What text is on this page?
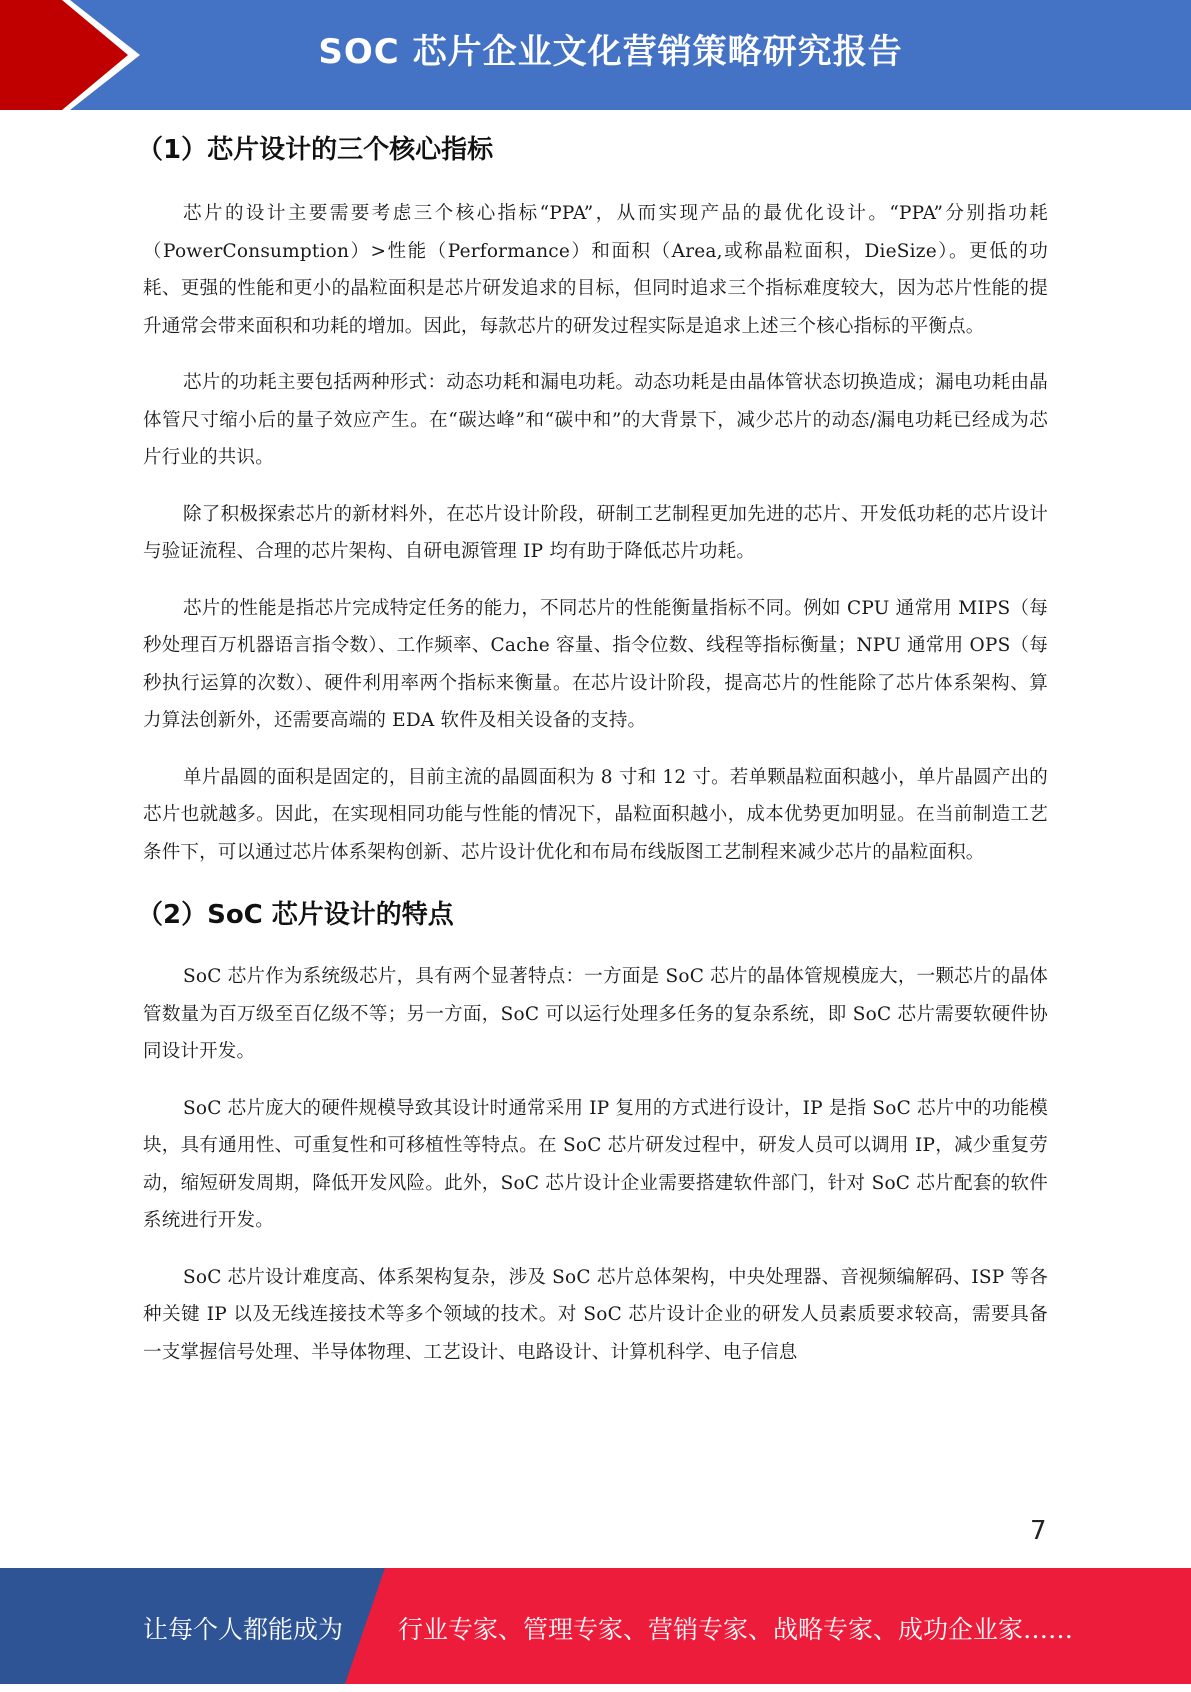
SOC 芯片企业文化营销策略研究报告
（1）芯片设计的三个核心指标

芯片的设计主要需要考虑三个核心指标“PPA”，从而实现产品的最优化设计。“PPA”分别指功耗（PowerConsumption）>性能（Performance）和面积（Area,或称晶粒面积，DieSize）。更低的功耗、更强的性能和更小的晶粒面积是芯片研发追求的目标，但同时追求三个指标难度较大，因为芯片性能的提升通常会带来面积和功耗的增加。因此，每款芯片的研发过程实际是追求上述三个核心指标的平衡点。

芯片的功耗主要包括两种形式：动态功耗和漏电功耗。动态功耗是由晶体管状态切换造成；漏电功耗由晶体管尺寸缩小后的量子效应产生。在“碳达峰”和“碳中和”的大背景下，减少芯片的动态/漏电功耗已经成为芯片行业的共识。

除了积极探索芯片的新材料外，在芯片设计阶段，研制工艺制程更加先进的芯片、开发低功耗的芯片设计与验证流程、合理的芯片架构、自研电源管理 IP 均有助于降低芯片功耗。

芯片的性能是指芯片完成特定任务的能力，不同芯片的性能衡量指标不同。例如 CPU 通常用 MIPS（每秒处理百万机器语言指令数）、工作频率、Cache 容量、指令位数、线程等指标衡量；NPU 通常用 OPS（每秒执行运算的次数）、硬件利用率两个指标来衡量。在芯片设计阶段，提高芯片的性能除了芯片体系架构、算力算法创新外，还需要高端的 EDA 软件及相关设备的支持。

单片晶圆的面积是固定的，目前主流的晶圆面积为 8 寸和 12 寸。若单颗晶粒面积越小，单片晶圆产出的芯片也就越多。因此，在实现相同功能与性能的情况下，晶粒面积越小，成本优势更加明显。在当前制造工艺条件下，可以通过芯片体系架构创新、芯片设计优化和布局布线版图工艺制程来减少芯片的晶粒面积。

（2）SoC 芯片设计的特点

SoC 芯片作为系统级芯片，具有两个显著特点：一方面是 SoC 芯片的晶体管规模庞大，一颗芯片的晶体管数量为百万级至百亿级不等；另一方面，SoC 可以运行处理多任务的复杂系统，即 SoC 芯片需要软硬件协同设计开发。

SoC 芯片庞大的硬件规模导致其设计时通常采用 IP 复用的方式进行设计，IP 是指 SoC 芯片中的功能模块，具有通用性、可重复性和可移植性等特点。在 SoC 芯片研发过程中，研发人员可以调用 IP，减少重复劳动，缩短研发周期，降低开发风险。此外，SoC 芯片设计企业需要搭建软件部门，针对 SoC 芯片配套的软件系统进行开发。

SoC 芯片设计难度高、体系架构复杂，涉及 SoC 芯片总体架构，中央处理器、音视频编解码、ISP 等各种关键 IP 以及无线连接技术等多个领域的技术。对 SoC 芯片设计企业的研发人员素质要求较高，需要具备一支掌握信号处理、半导体物理、工艺设计、电路设计、计算机科学、电子信息

7
让每个人都能成为 行业专家、管理专家、营销专家、战略专家、成功企业家……
